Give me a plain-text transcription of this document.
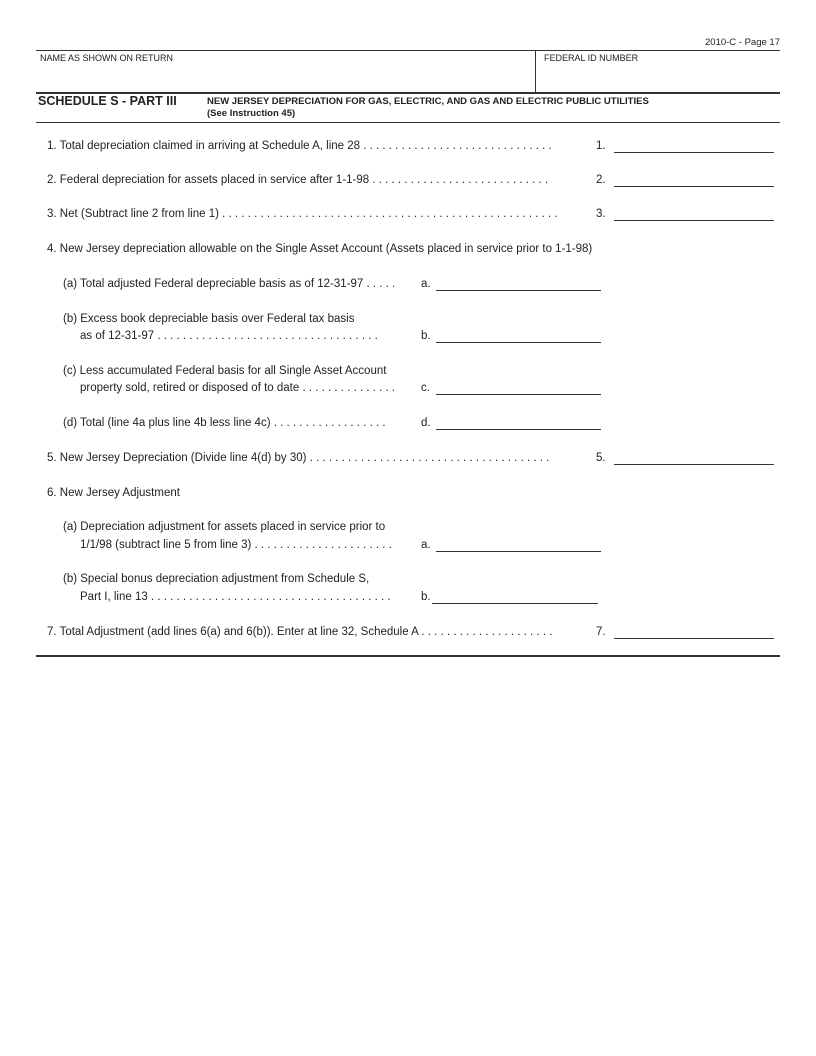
2010-C - Page 17
NAME AS SHOWN ON RETURN	FEDERAL ID NUMBER
SCHEDULE S - PART III	NEW JERSEY DEPRECIATION FOR GAS, ELECTRIC, AND GAS AND ELECTRIC PUBLIC UTILITIES
(See Instruction 45)
1. Total depreciation claimed in arriving at Schedule A, line 28 . . . . . . . . . . . . . . . . . . . . . . . . . . . . . .	1.
2. Federal depreciation for assets placed in service after 1-1-98 . . . . . . . . . . . . . . . . . . . . . . . . . . . .	2.
3. Net (Subtract line 2 from line 1) . . . . . . . . . . . . . . . . . . . . . . . . . . . . . . . . . . . . . . . . . . . . . . . . . . . . .	3.
4. New Jersey depreciation allowable on the Single Asset Account (Assets placed in service prior to 1-1-98)
(a) Total adjusted Federal depreciable basis as of 12-31-97 . . . . . a.
(b) Excess book depreciable basis over Federal tax basis
as of 12-31-97 . . . . . . . . . . . . . . . . . . . . . . . . . . . . . . . . . . .	b.
(c) Less accumulated Federal basis for all Single Asset Account
property sold, retired or disposed of to date . . . . . . . . . . . . . . . c.
(d) Total (line 4a plus line 4b less line 4c) . . . . . . . . . . . . . . . . . .	d.
5. New Jersey Depreciation (Divide line 4(d) by 30) . . . . . . . . . . . . . . . . . . . . . . . . . . . . . . . . . . . . . .	5.
6. New Jersey Adjustment
(a) Depreciation adjustment for assets placed in service prior to
1/1/98 (subtract line 5 from line 3) . . . . . . . . . . . . . . . . . . . . . .	a.
(b) Special bonus depreciation adjustment from Schedule S,
Part I, line 13 . . . . . . . . . . . . . . . . . . . . . . . . . . . . . . . . . . . . . .	b.
7. Total Adjustment (add lines 6(a) and 6(b)). Enter at line 32, Schedule A . . . . . . . . . . . . . . . . . . . . .	7.
